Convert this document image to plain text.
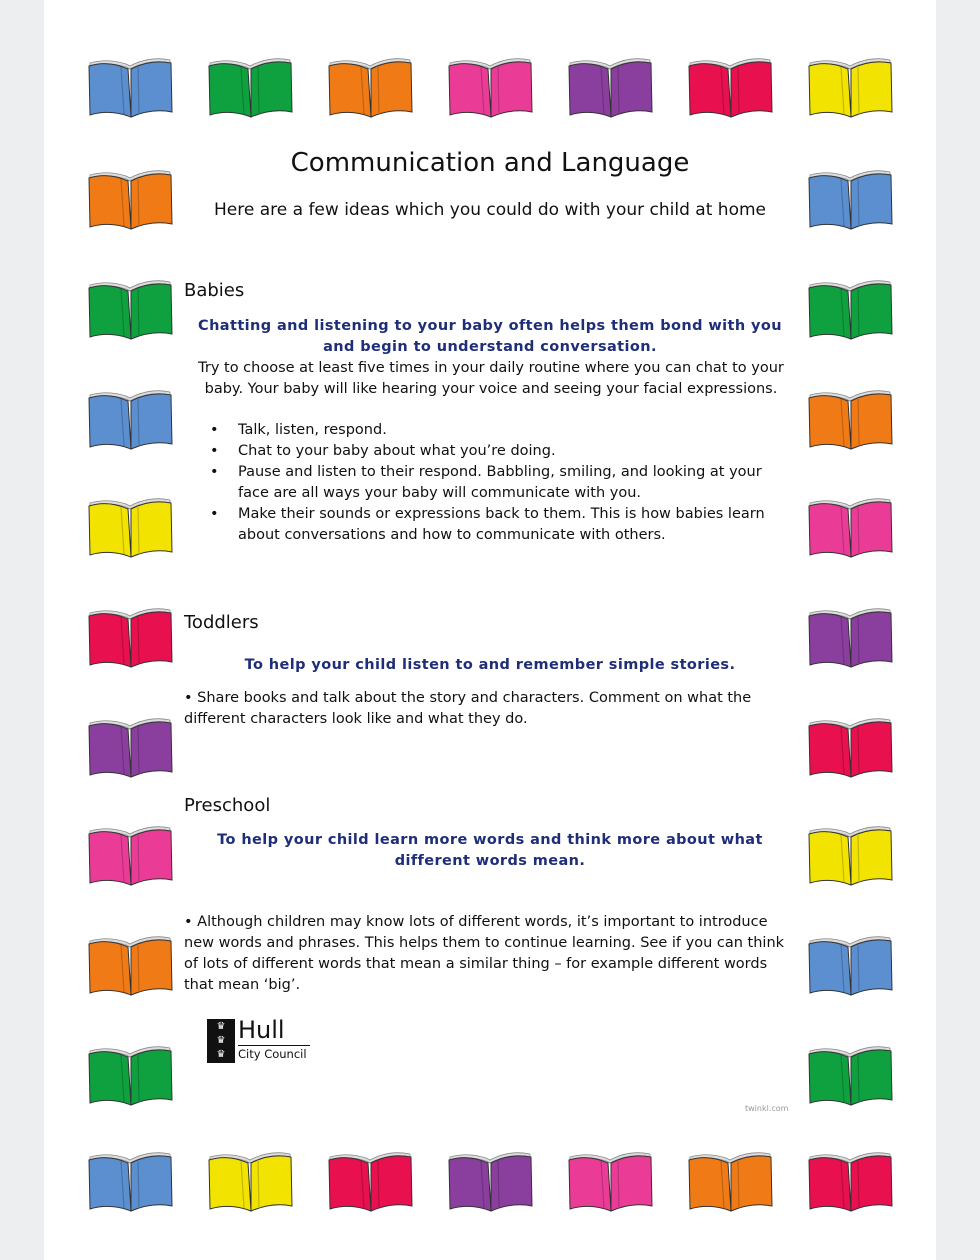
Communication and Language
Here are a few ideas which you could do with your child at home
Babies
Chatting and listening to your baby often helps them bond with you and begin to understand conversation.
Try to choose at least five times in your daily routine where you can chat to your baby. Your baby will like hearing your voice and seeing your facial expressions.
• Talk, listen, respond.
• Chat to your baby about what you’re doing.
• Pause and listen to their respond. Babbling, smiling, and looking at your face are all ways your baby will communicate with you.
• Make their sounds or expressions back to them. This is how babies learn about conversations and how to communicate with others.
Toddlers
To help your child listen to and remember simple stories.
• Share books and talk about the story and characters. Comment on what the different characters look like and what they do.
Preschool
To help your child learn more words and think more about what different words mean.
• Although children may know lots of different words, it’s important to introduce new words and phrases. This helps them to continue learning. See if you can think of lots of different words that mean a similar thing – for example different words that mean ‘big’.
♛
♛
♛
Hull
City Council
twinkl.com
